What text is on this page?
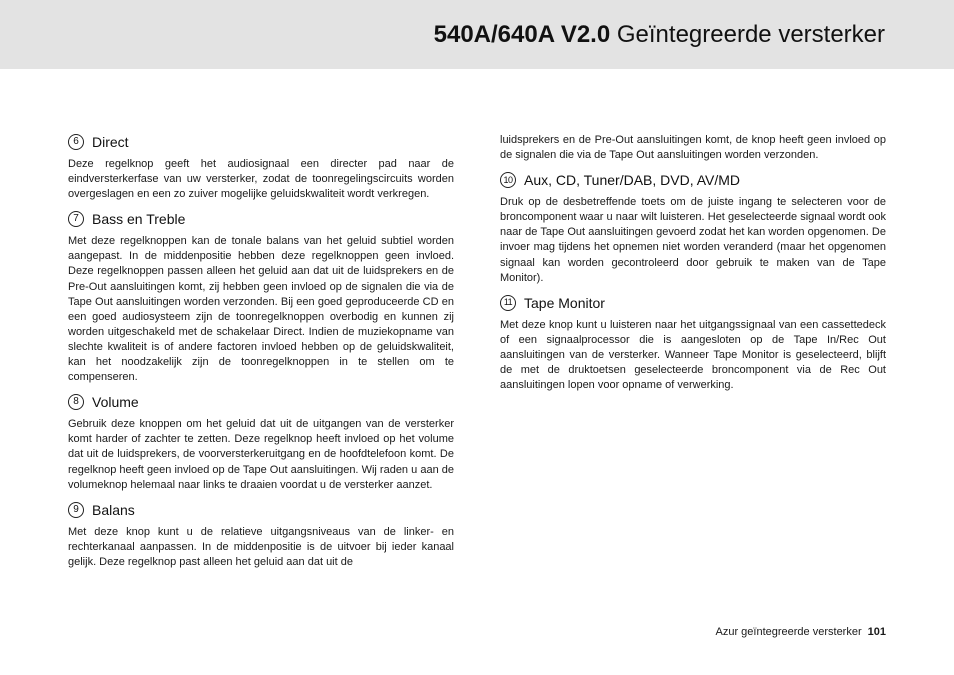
540A/640A V2.0 Geïntegreerde versterker
6 Direct

Deze regelknop geeft het audiosignaal een directer pad naar de eindversterkerfase van uw versterker, zodat de toonregelingscircuits worden overgeslagen en een zo zuiver mogelijke geluidskwaliteit wordt verkregen.

7 Bass en Treble

Met deze regelknoppen kan de tonale balans van het geluid subtiel worden aangepast. In de middenpositie hebben deze regelknoppen geen invloed. Deze regelknoppen passen alleen het geluid aan dat uit de luidsprekers en de Pre-Out aansluitingen komt, zij hebben geen invloed op de signalen die via de Tape Out aansluitingen worden verzonden. Bij een goed geproduceerde CD en een goed audiosysteem zijn de toonregelknoppen overbodig en kunnen zij worden uitgeschakeld met de schakelaar Direct. Indien de muziekopname van slechte kwaliteit is of andere factoren invloed hebben op de geluidskwaliteit, kan het noodzakelijk zijn de toonregelknoppen in te stellen om te compenseren.

8 Volume

Gebruik deze knoppen om het geluid dat uit de uitgangen van de versterker komt harder of zachter te zetten. Deze regelknop heeft invloed op het volume dat uit de luidsprekers, de voorversterkeruitgang en de hoofdtelefoon komt. De regelknop heeft geen invloed op de Tape Out aansluitingen. Wij raden u aan de volumeknop helemaal naar links te draaien voordat u de versterker aanzet.

9 Balans

Met deze knop kunt u de relatieve uitgangsniveaus van de linker- en rechterkanaal aanpassen. In de middenpositie is de uitvoer bij ieder kanaal gelijk. Deze regelknop past alleen het geluid aan dat uit de

luidsprekers en de Pre-Out aansluitingen komt, de knop heeft geen invloed op de signalen die via de Tape Out aansluitingen worden verzonden.

10 Aux, CD, Tuner/DAB, DVD, AV/MD

Druk op de desbetreffende toets om de juiste ingang te selecteren voor de broncomponent waar u naar wilt luisteren. Het geselecteerde signaal wordt ook naar de Tape Out aansluitingen gevoerd zodat het kan worden opgenomen. De invoer mag tijdens het opnemen niet worden veranderd (maar het opgenomen signaal kan worden gecontroleerd door gebruik te maken van de Tape Monitor).

11 Tape Monitor

Met deze knop kunt u luisteren naar het uitgangssignaal van een cassettedeck of een signaalprocessor die is aangesloten op de Tape In/Rec Out aansluitingen van de versterker. Wanneer Tape Monitor is geselecteerd, blijft de met de druktoetsen geselecteerde broncomponent via de Rec Out aansluitingen lopen voor opname of verwerking.

Azur geïntegreerde versterker 101
